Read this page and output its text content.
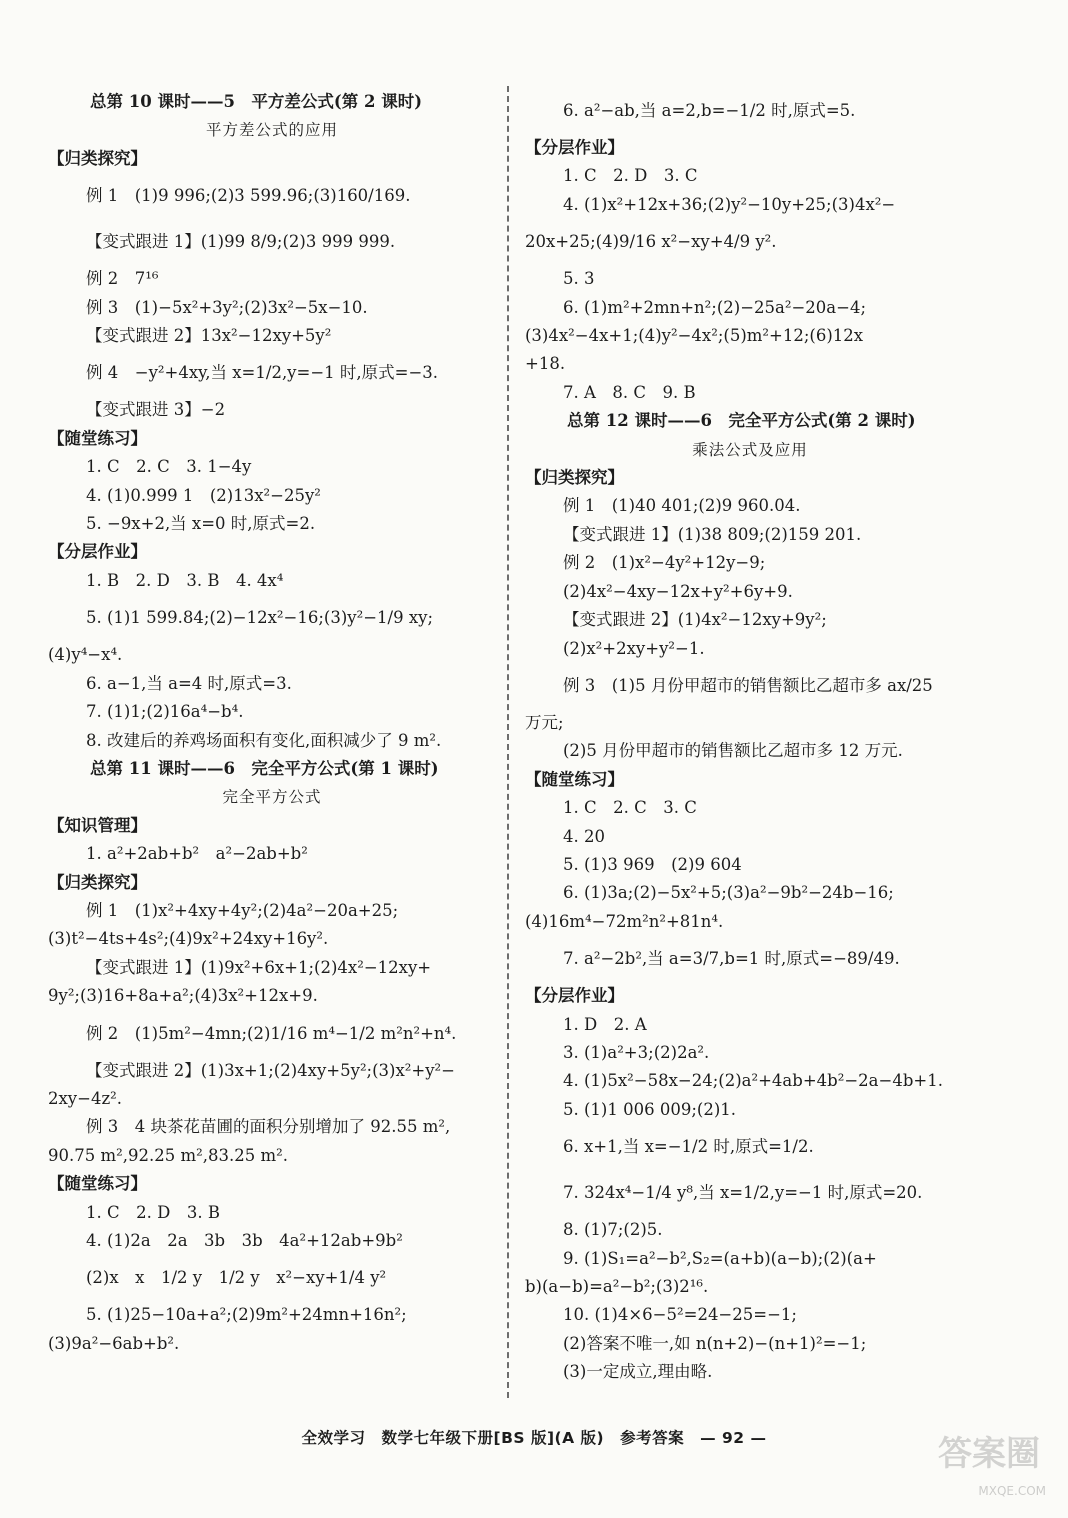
总第 10 课时——5　平方差公式(第 2 课时)
平方差公式的应用
【归类探究】
例 1　(1)9 996;(2)3 599.96;(3)160/169.
【变式跟进 1】(1)99 8/9;(2)3 999 999.
例 2　7¹⁶
例 3　(1)−5x²+3y²;(2)3x²−5x−10.
【变式跟进 2】13x²−12xy+5y²
例 4　−y²+4xy,当 x=1/2,y=−1 时,原式=−3.
【变式跟进 3】−2
【随堂练习】
1. C　2. C　3. 1−4y
4. (1)0.999 1　(2)13x²−25y²
5. −9x+2,当 x=0 时,原式=2.
【分层作业】
1. B　2. D　3. B　4. 4x⁴
5. (1)1 599.84;(2)−12x²−16;(3)y²−1/9 xy;
(4)y⁴−x⁴.
6. a−1,当 a=4 时,原式=3.
7. (1)1;(2)16a⁴−b⁴.
8. 改建后的养鸡场面积有变化,面积减少了 9 m².
总第 11 课时——6　完全平方公式(第 1 课时)
完全平方公式
【知识管理】
1. a²+2ab+b²　a²−2ab+b²
【归类探究】
例 1　(1)x²+4xy+4y²;(2)4a²−20a+25;
(3)t²−4ts+4s²;(4)9x²+24xy+16y².
【变式跟进 1】(1)9x²+6x+1;(2)4x²−12xy+
9y²;(3)16+8a+a²;(4)3x²+12x+9.
例 2　(1)5m²−4mn;(2)1/16 m⁴−1/2 m²n²+n⁴.
【变式跟进 2】(1)3x+1;(2)4xy+5y²;(3)x²+y²−
2xy−4z².
例 3　4 块茶花苗圃的面积分别增加了 92.55 m²,
90.75 m²,92.25 m²,83.25 m².
【随堂练习】
1. C　2. D　3. B
4. (1)2a　2a　3b　3b　4a²+12ab+9b²
(2)x　x　1/2 y　1/2 y　x²−xy+1/4 y²
5. (1)25−10a+a²;(2)9m²+24mn+16n²;
(3)9a²−6ab+b².
6. a²−ab,当 a=2,b=−1/2 时,原式=5.
【分层作业】
1. C　2. D　3. C
4. (1)x²+12x+36;(2)y²−10y+25;(3)4x²−
20x+25;(4)9/16 x²−xy+4/9 y².
5. 3
6. (1)m²+2mn+n²;(2)−25a²−20a−4;
(3)4x²−4x+1;(4)y²−4x²;(5)m²+12;(6)12x
+18.
7. A　8. C　9. B
总第 12 课时——6　完全平方公式(第 2 课时)
乘法公式及应用
【归类探究】
例 1　(1)40 401;(2)9 960.04.
【变式跟进 1】(1)38 809;(2)159 201.
例 2　(1)x²−4y²+12y−9;
(2)4x²−4xy−12x+y²+6y+9.
【变式跟进 2】(1)4x²−12xy+9y²;
(2)x²+2xy+y²−1.
例 3　(1)5 月份甲超市的销售额比乙超市多 ax/25
万元;
(2)5 月份甲超市的销售额比乙超市多 12 万元.
【随堂练习】
1. C　2. C　3. C
4. 20
5. (1)3 969　(2)9 604
6. (1)3a;(2)−5x²+5;(3)a²−9b²−24b−16;
(4)16m⁴−72m²n²+81n⁴.
7. a²−2b²,当 a=3/7,b=1 时,原式=−89/49.
【分层作业】
1. D　2. A
3. (1)a²+3;(2)2a².
4. (1)5x²−58x−24;(2)a²+4ab+4b²−2a−4b+1.
5. (1)1 006 009;(2)1.
6. x+1,当 x=−1/2 时,原式=1/2.
7. 324x⁴−1/4 y⁸,当 x=1/2,y=−1 时,原式=20.
8. (1)7;(2)5.
9. (1)S₁=a²−b²,S₂=(a+b)(a−b);(2)(a+
b)(a−b)=a²−b²;(3)2¹⁶.
10. (1)4×6−5²=24−25=−1;
(2)答案不唯一,如 n(n+2)−(n+1)²=−1;
(3)一定成立,理由略.
全效学习　数学七年级下册[BS 版](A 版)　参考答案　— 92 —	答案圈
MXQE.COM
